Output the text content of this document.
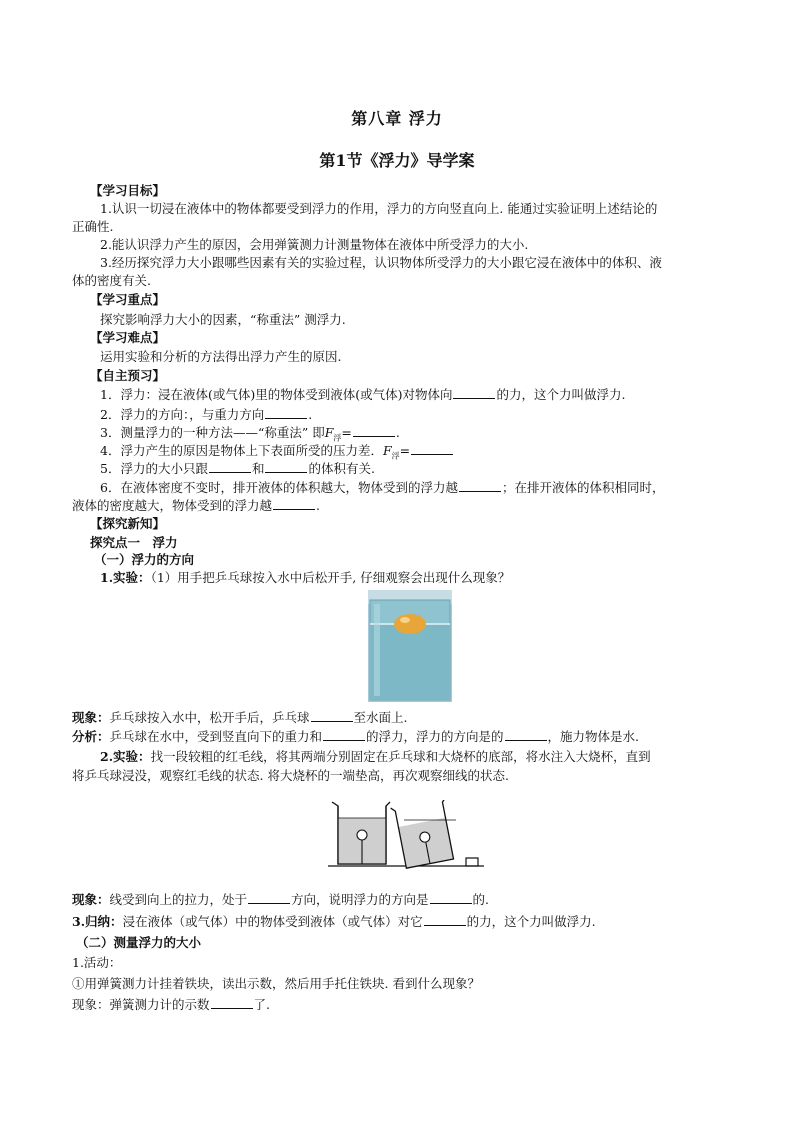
第八章 浮力
第1节《浮力》导学案
【学习目标】
1.认识一切浸在液体中的物体都要受到浮力的作用，浮力的方向竖直向上. 能通过实验证明上述结论的
正确性.
2.能认识浮力产生的原因，会用弹簧测力计测量物体在液体中所受浮力的大小.
3.经历探究浮力大小跟哪些因素有关的实验过程，认识物体所受浮力的大小跟它浸在液体中的体积、液
体的密度有关.
【学习重点】
探究影响浮力大小的因素，“称重法” 测浮力.
【学习难点】
运用实验和分析的方法得出浮力产生的原因.
【自主预习】
1．浮力：浸在液体(或气体)里的物体受到液体(或气体)对物体向	的力，这个力叫做浮力.
2．浮力的方向：，与重力方向	.
3．测量浮力的一种方法——“称重法” 即$F_浮=$	.
4．浮力产生的原因是物体上下表面所受的压力差．$F_浮=$
5．浮力的大小只跟	和	的体积有关.
6．在液体密度不变时，排开液体的体积越大，物体受到的浮力越	；在排开液体的体积相同时，
液体的密度越大，物体受到的浮力越	.
【探究新知】
探究点一　浮力
（一）浮力的方向
1.实验：（1）用手把乒乓球按入水中后松开手, 仔细观察会出现什么现象？
现象：乒乓球按入水中，松开手后，乒乓球	至水面上.
分析：乒乓球在水中，受到竖直向下的重力和	的浮力，浮力的方向是的	，施力物体是水.
2.实验：找一段较粗的红毛线，将其两端分别固定在乒乓球和大烧杯的底部，将水注入大烧杯，直到
将乒乓球浸没，观察红毛线的状态. 将大烧杯的一端垫高，再次观察细线的状态.
现象：线受到向上的拉力，处于	方向，说明浮力的方向是	的.
3.归纳：浸在液体（或气体）中的物体受到液体（或气体）对它	的力，这个力叫做浮力.
（二）测量浮力的大小
1.活动：
①用弹簧测力计挂着铁块，读出示数，然后用手托住铁块. 看到什么现象？
现象：弹簧测力计的示数	了.
